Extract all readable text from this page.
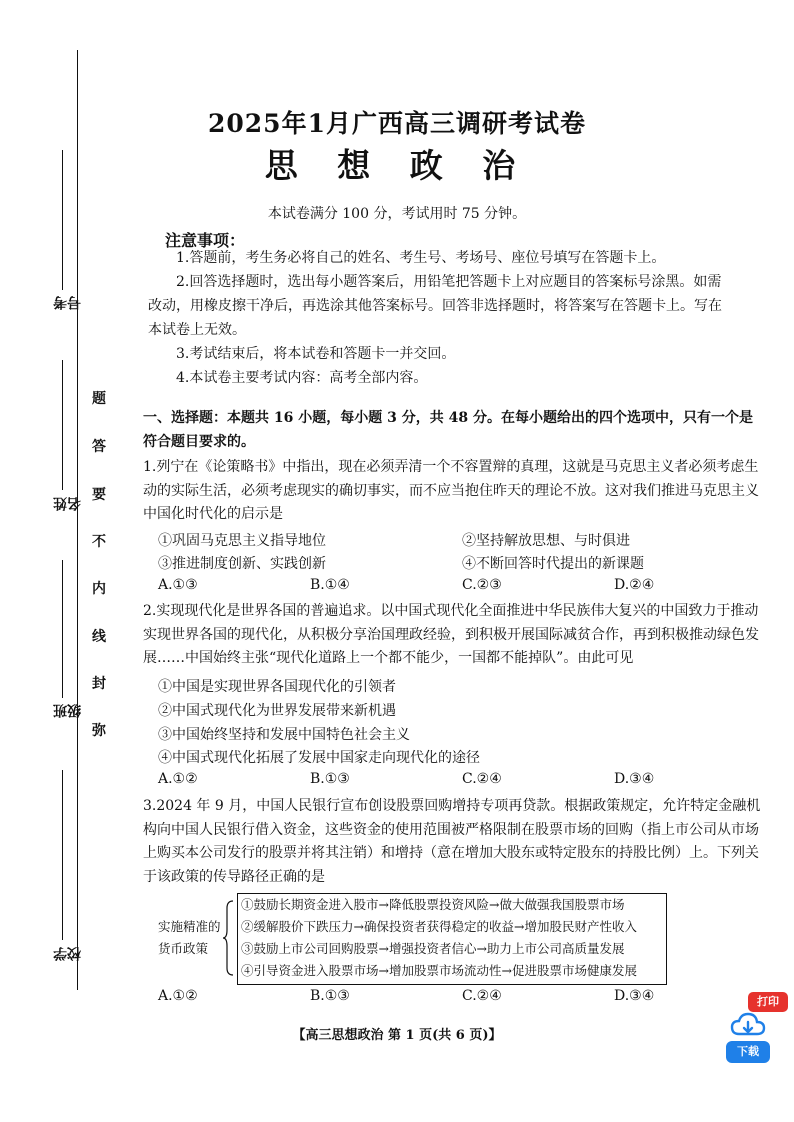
考号
姓名
班级
学校
题
答
要
不
内
线
封
弥
2025年1月广西高三调研考试卷
思 想 政 治
本试卷满分 100 分，考试用时 75 分钟。
注意事项：

1.答题前，考生务必将自己的姓名、考生号、考场号、座位号填写在答题卡上。

2.回答选择题时，选出每小题答案后，用铅笔把答题卡上对应题目的答案标号涂黑。如需改动，用橡皮擦干净后，再选涂其他答案标号。回答非选择题时，将答案写在答题卡上。写在本试卷上无效。

3.考试结束后，将本试卷和答题卡一并交回。

4.本试卷主要考试内容：高考全部内容。

一、选择题：本题共 16 小题，每小题 3 分，共 48 分。在每小题给出的四个选项中，只有一个是符合题目要求的。
1.列宁在《论策略书》中指出，现在必须弄清一个不容置辩的真理，这就是马克思主义者必须考虑生动的实际生活，必须考虑现实的确切事实，而不应当抱住昨天的理论不放。这对我们推进马克思主义中国化时代化的启示是
①巩固马克思主义指导地位	②坚持解放思想、与时俱进
③推进制度创新、实践创新	④不断回答时代提出的新课题
A.①③	B.①④	C.②③	D.②④
2.实现现代化是世界各国的普遍追求。以中国式现代化全面推进中华民族伟大复兴的中国致力于推动实现世界各国的现代化，从积极分享治国理政经验，到积极开展国际减贫合作，再到积极推动绿色发展……中国始终主张“现代化道路上一个都不能少，一国都不能掉队”。由此可见
①中国是实现世界各国现代化的引领者
②中国式现代化为世界发展带来新机遇
③中国始终坚持和发展中国特色社会主义
④中国式现代化拓展了发展中国家走向现代化的途径
A.①②	B.①③	C.②④	D.③④
3.2024 年 9 月，中国人民银行宣布创设股票回购增持专项再贷款。根据政策规定，允许特定金融机构向中国人民银行借入资金，这些资金的使用范围被严格限制在股票市场的回购（指上市公司从市场上购买本公司发行的股票并将其注销）和增持（意在增加大股东或特定股东的持股比例）上。下列关于该政策的传导路径正确的是
实施精准的货币政策
①鼓励长期资金进入股市→降低股票投资风险→做大做强我国股票市场
②缓解股价下跌压力→确保投资者获得稳定的收益→增加股民财产性收入
③鼓励上市公司回购股票→增强投资者信心→助力上市公司高质量发展
④引导资金进入股票市场→增加股票市场流动性→促进股票市场健康发展
A.①②	B.①③	C.②④	D.③④
【高三思想政治 第 1 页(共 6 页)】
打印
下载
